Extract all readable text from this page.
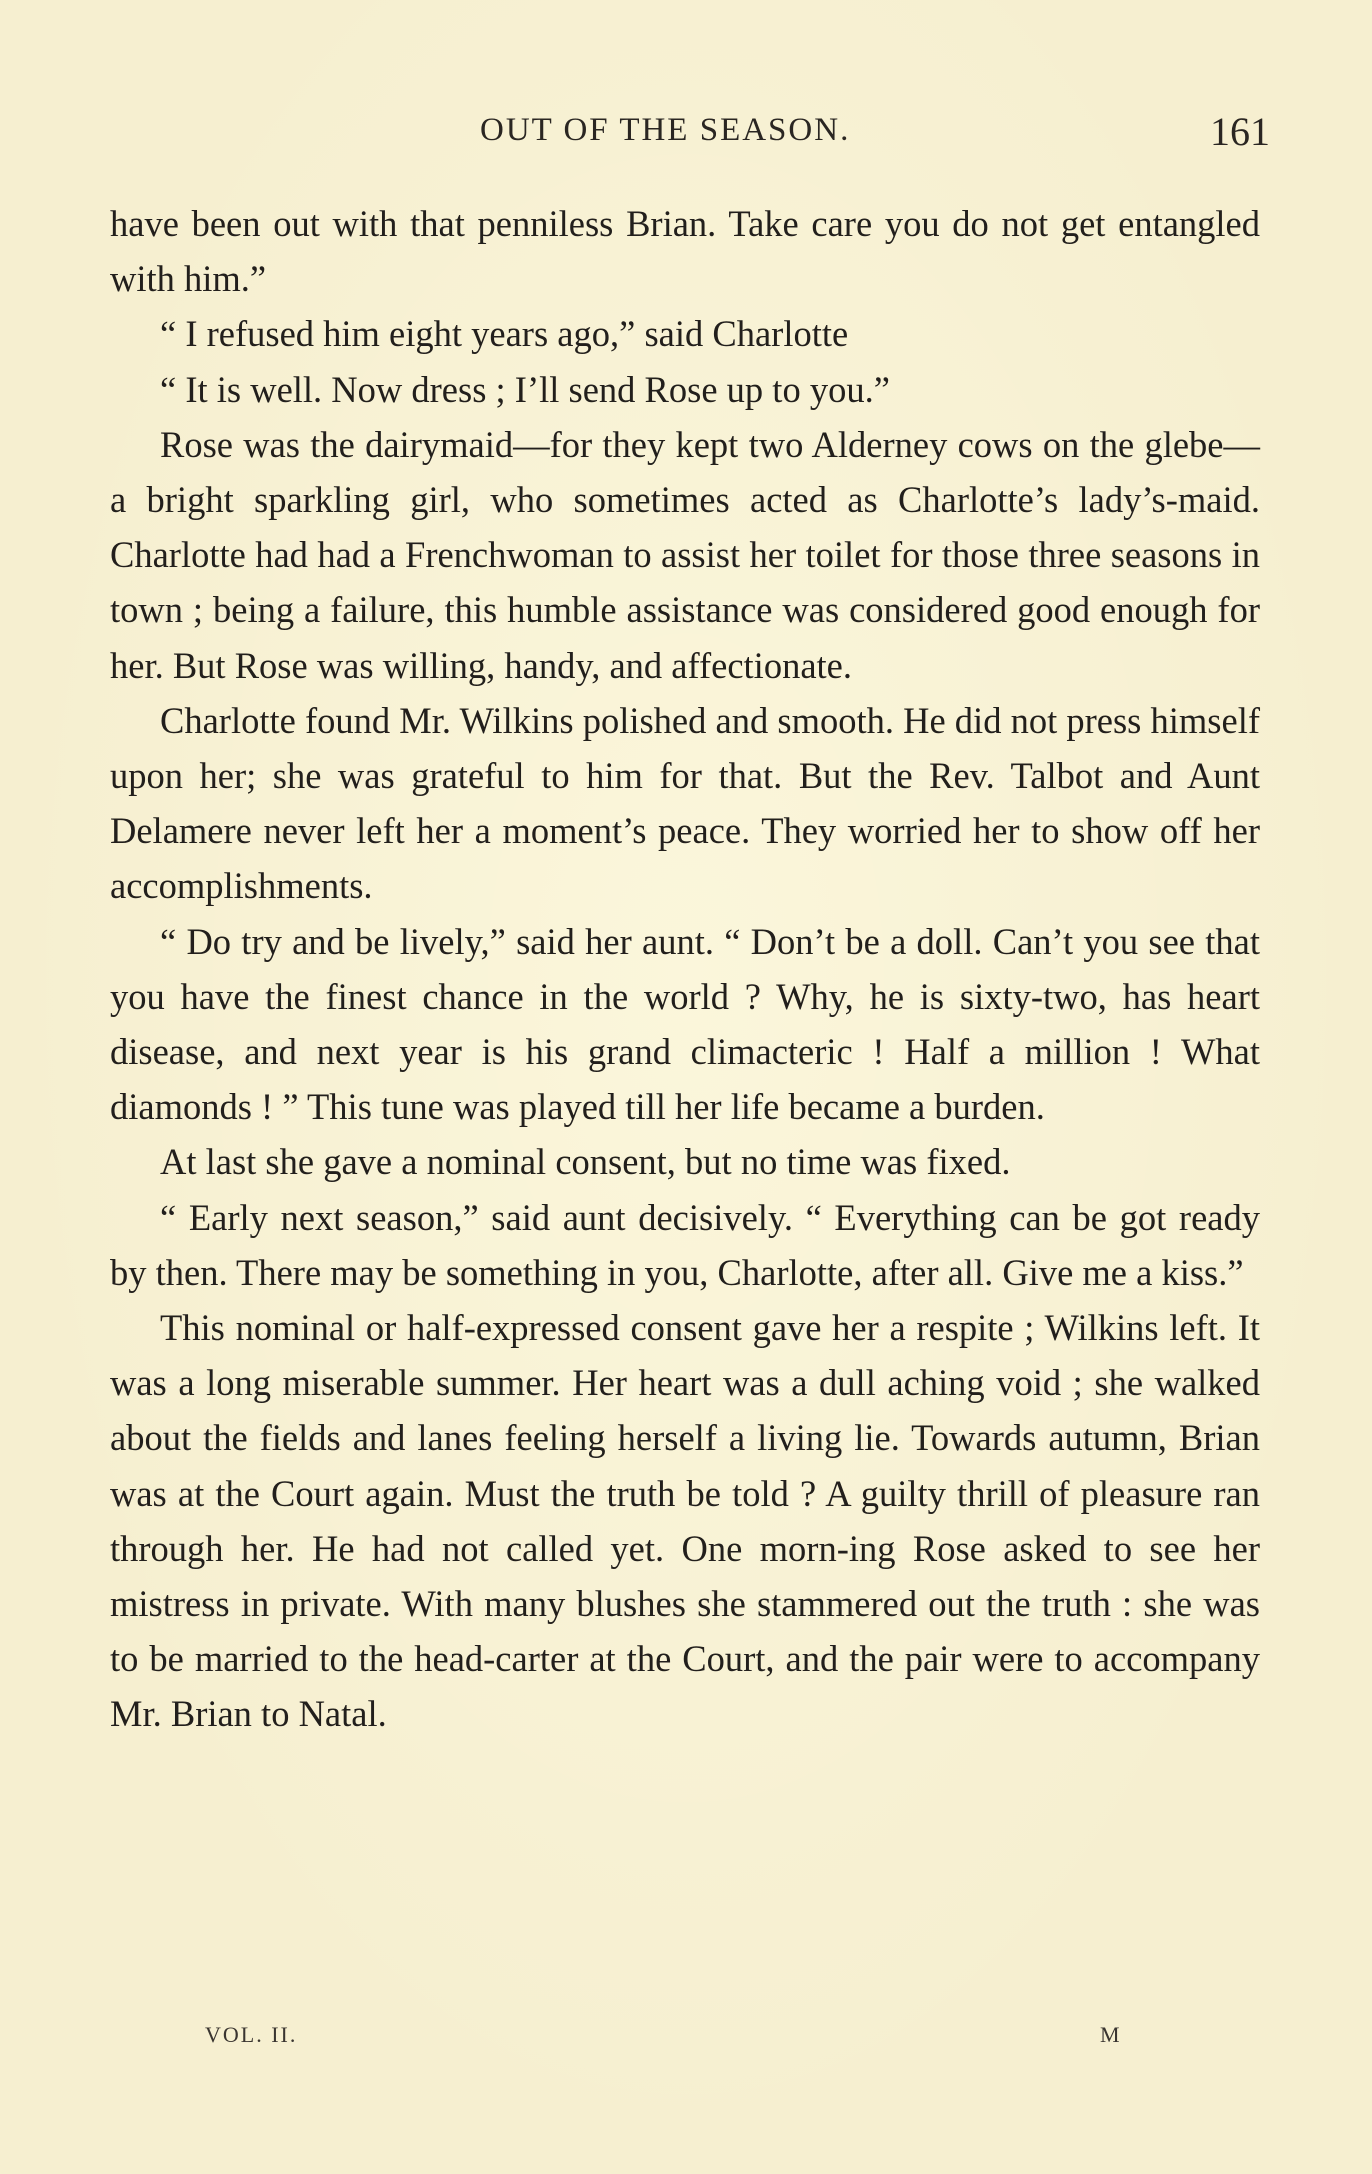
OUT OF THE SEASON.	161

have been out with that penniless Brian. Take care you do not get entangled with him.”

“ I refused him eight years ago,” said Charlotte

“ It is well. Now dress ; I’ll send Rose up to you.”

Rose was the dairymaid—for they kept two Alderney cows on the glebe—a bright sparkling girl, who sometimes acted as Charlotte’s lady’s-maid. Charlotte had had a Frenchwoman to assist her toilet for those three seasons in town ; being a failure, this humble assistance was considered good enough for her. But Rose was willing, handy, and affectionate.

Charlotte found Mr. Wilkins polished and smooth. He did not press himself upon her; she was grateful to him for that. But the Rev. Talbot and Aunt Delamere never left her a moment’s peace. They worried her to show off her accomplishments.

“ Do try and be lively,” said her aunt. “ Don’t be a doll. Can’t you see that you have the finest chance in the world ? Why, he is sixty-two, has heart disease, and next year is his grand climacteric ! Half a million ! What diamonds ! ” This tune was played till her life became a burden.

At last she gave a nominal consent, but no time was fixed.

“ Early next season,” said aunt decisively. “ Everything can be got ready by then. There may be something in you, Charlotte, after all. Give me a kiss.”

This nominal or half-expressed consent gave her a respite ; Wilkins left. It was a long miserable summer. Her heart was a dull aching void ; she walked about the fields and lanes feeling herself a living lie. Towards autumn, Brian was at the Court again. Must the truth be told ? A guilty thrill of pleasure ran through her. He had not called yet. One morn-ing Rose asked to see her mistress in private. With many blushes she stammered out the truth : she was to be married to the head-carter at the Court, and the pair were to accompany Mr. Brian to Natal.

VOL. II.	M
